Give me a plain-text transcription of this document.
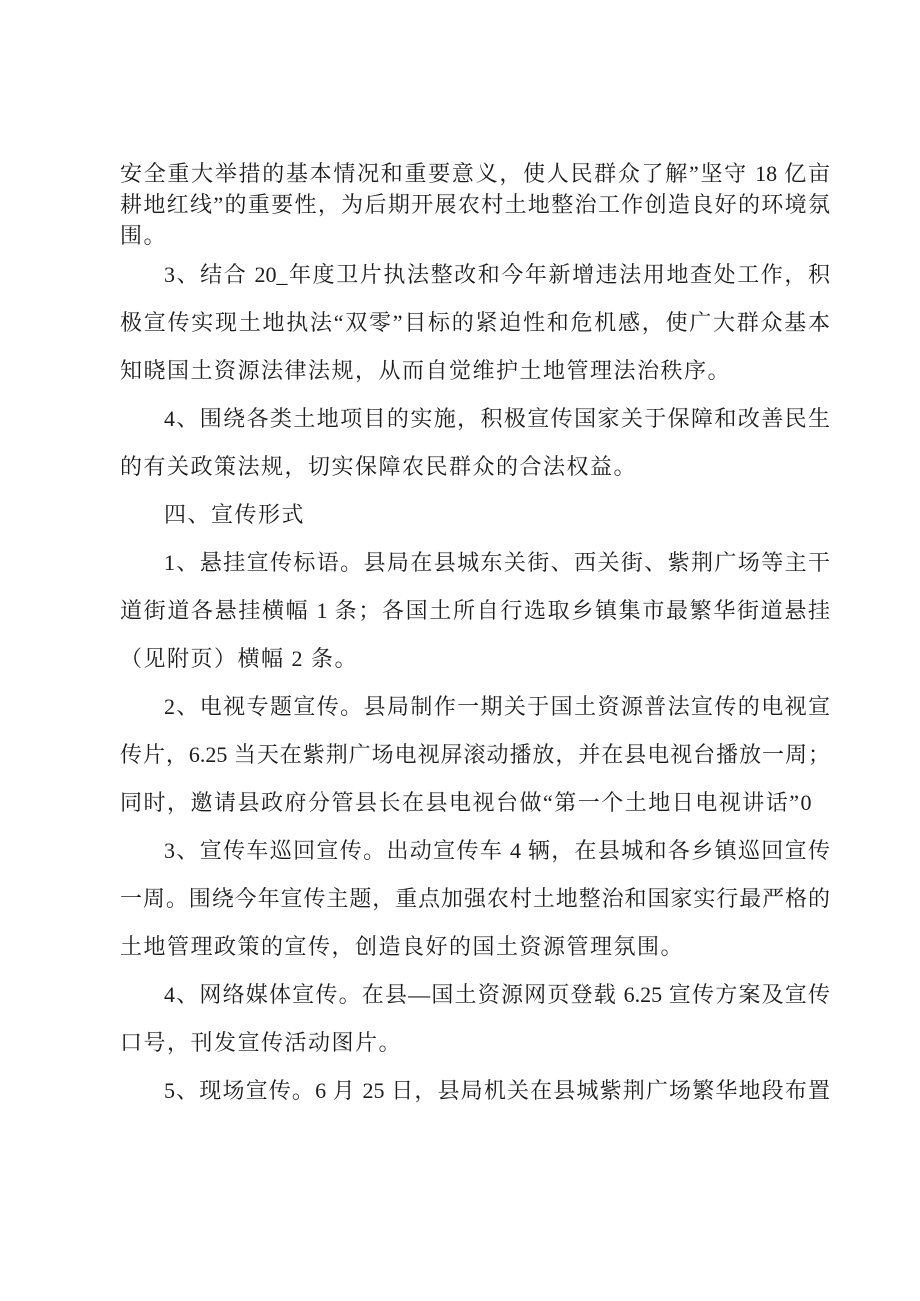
安全重大举措的基本情况和重要意义，使人民群众了解”坚守 18 亿亩
耕地红线”的重要性，为后期开展农村土地整治工作创造良好的环境氛
围。
3、结合 20_年度卫片执法整改和今年新增违法用地查处工作，积
极宣传实现土地执法“双零”目标的紧迫性和危机感，使广大群众基本
知晓国土资源法律法规，从而自觉维护土地管理法治秩序。
4、围绕各类土地项目的实施，积极宣传国家关于保障和改善民生
的有关政策法规，切实保障农民群众的合法权益。
四、宣传形式
1、悬挂宣传标语。县局在县城东关街、西关街、紫荆广场等主干
道街道各悬挂横幅 1 条；各国土所自行选取乡镇集市最繁华街道悬挂
（见附页）横幅 2 条。
2、电视专题宣传。县局制作一期关于国土资源普法宣传的电视宣
传片，6.25 当天在紫荆广场电视屏滚动播放，并在县电视台播放一周；
同时，邀请县政府分管县长在县电视台做“第一个土地日电视讲话”0
3、宣传车巡回宣传。出动宣传车 4 辆，在县城和各乡镇巡回宣传
一周。围绕今年宣传主题，重点加强农村土地整治和国家实行最严格的
土地管理政策的宣传，创造良好的国土资源管理氛围。
4、网络媒体宣传。在县—国土资源网页登载 6.25 宣传方案及宣传
口号，刊发宣传活动图片。
5、现场宣传。6 月 25 日，县局机关在县城紫荆广场繁华地段布置
